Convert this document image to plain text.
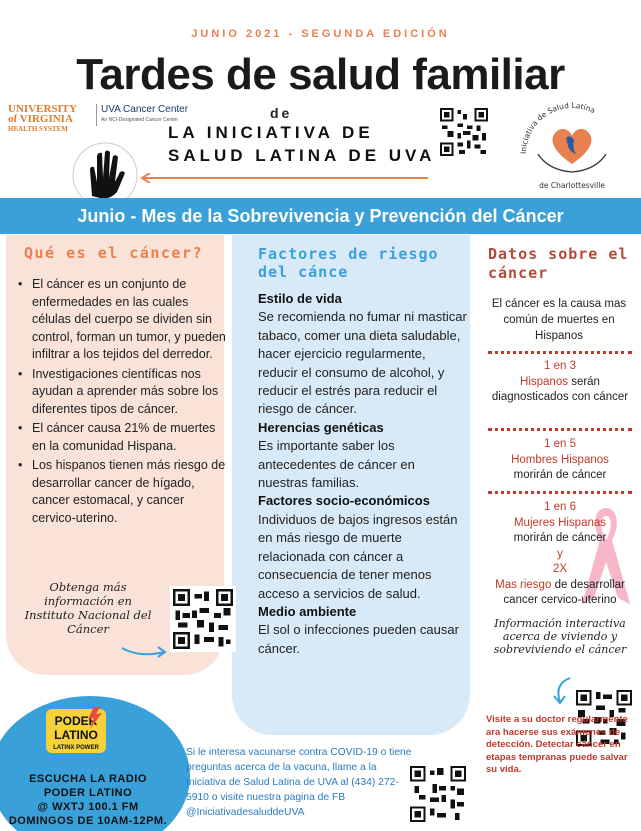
JUNIO 2021 - SEGUNDA EDICIÓN
Tardes de salud familiar
UNIVERSITY
of VIRGINIA
HEALTH SYSTEM
UVA Cancer Center
An NCI-Designated Cancer Center	de
LA INICIATIVA DE
SALUD LATINA DE UVA	Iniciativa de Salud Latina
de Charlottesville
Junio - Mes de la Sobrevivencia y Prevención del Cáncer
Qué es el cáncer?
• El cáncer es un conjunto de enfermedades en las cuales células del cuerpo se dividen sin control, forman un tumor, y pueden infiltrar a los tejidos del derredor.
• Investigaciones científicas nos ayudan a aprender más sobre los diferentes tipos de cáncer.
• El cáncer causa 21% de muertes en la comunidad Hispana.
• Los hispanos tienen más riesgo de desarrollar cancer de hígado, cancer estomacal, y cancer cervico-uterino.
Obtenga más información en Instituto Nacional del Cáncer
Factores de riesgo del cánce
Estilo de vida
Se recomienda no fumar ni masticar tabaco, comer una dieta saludable, hacer ejercicio regularmente, reducir el consumo de alcohol, y reducir el estrés para reducir el riesgo de cáncer.
Herencias genéticas
Es importante saber los antecedentes de cáncer en nuestras familias.
Factores socio-económicos
Individuos de bajos ingresos están en más riesgo de muerte relacionada con cáncer a consecuencia de tener menos acceso a servicios de salud.
Medio ambiente
El sol o infecciones pueden causar cáncer.
Datos sobre el cáncer
El cáncer es la causa mas común de muertes en Hispanos
1 en 3
Hispanos serán diagnosticados con cáncer
1 en 5
Hombres Hispanos
morirán de cáncer
1 en 6
Mujeres Hispanas
morirán de cáncer
y
2X
Mas riesgo de desarrollar cancer cervico-uterino
Información interactiva acerca de viviendo y sobreviviendo el cáncer
Visite a su doctor regularmente ara hacerse sus exámenes de detección. Detectar cáncer en etapas tempranas puede salvar su vida.
PODER
LATINO
LATINX POWER
ESCUCHA LA RADIO
PODER LATINO
@ WXTJ 100.1 FM
DOMINGOS DE 10AM-12PM.
Si le interesa vacunarse contra COVID-19 o tiene preguntas acerca de la vacuna, llame a la Iniciativa de Salud Latina de UVA al (434) 272-5910 o visite nuestra pagina de FB @IniciativadesaluddeUVA
